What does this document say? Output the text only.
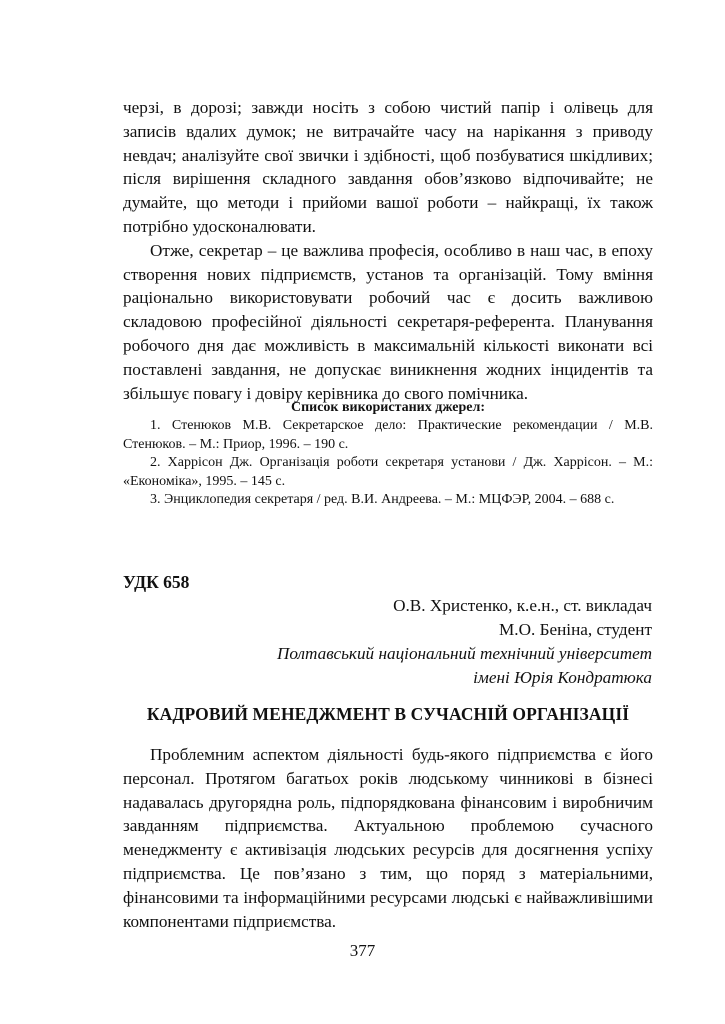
черзі, в дорозі; завжди носіть з собою чистий папір і олівець для записів вдалих думок; не витрачайте часу на нарікання з приводу невдач; аналізуйте свої звички і здібності, щоб позбуватися шкідливих; після вирішення складного завдання обов’язково відпочивайте; не думайте, що методи і прийоми вашої роботи – найкращі, їх також потрібно удосконалювати.

Отже, секретар – це важлива професія, особливо в наш час, в епоху створення нових підприємств, установ та організацій. Тому вміння раціонально використовувати робочий час є досить важливою складовою професійної діяльності секретаря-референта. Планування робочого дня дає можливість в максимальній кількості виконати всі поставлені завдання, не допускає виникнення жодних інцидентів та збільшує повагу і довіру керівника до свого помічника.

Список використаних джерел:

1. Стенюков М.В. Секретарское дело: Практические рекомендации / М.В. Стенюков. – М.: Приор, 1996. – 190 с.

2. Харрісон Дж. Організація роботи секретаря установи / Дж. Харрісон. – М.: «Економіка», 1995. – 145 с.

3. Энциклопедия секретаря / ред. В.И. Андреева. – М.: МЦФЭР, 2004. – 688 с.

УДК 658
О.В. Христенко, к.е.н., ст. викладач
М.О. Беніна, студент
Полтавський національний технічний університет
імені Юрія Кондратюка
КАДРОВИЙ МЕНЕДЖМЕНТ В СУЧАСНІЙ ОРГАНІЗАЦІЇ

Проблемним аспектом діяльності будь-якого підприємства є його персонал. Протягом багатьох років людському чинникові в бізнесі надавалась другорядна роль, підпорядкована фінансовим і виробничим завданням підприємства. Актуальною проблемою сучасного менеджменту є активізація людських ресурсів для досягнення успіху підприємства. Це пов’язано з тим, що поряд з матеріальними, фінансовими та інформаційними ресурсами людські є найважливішими компонентами підприємства.

377
